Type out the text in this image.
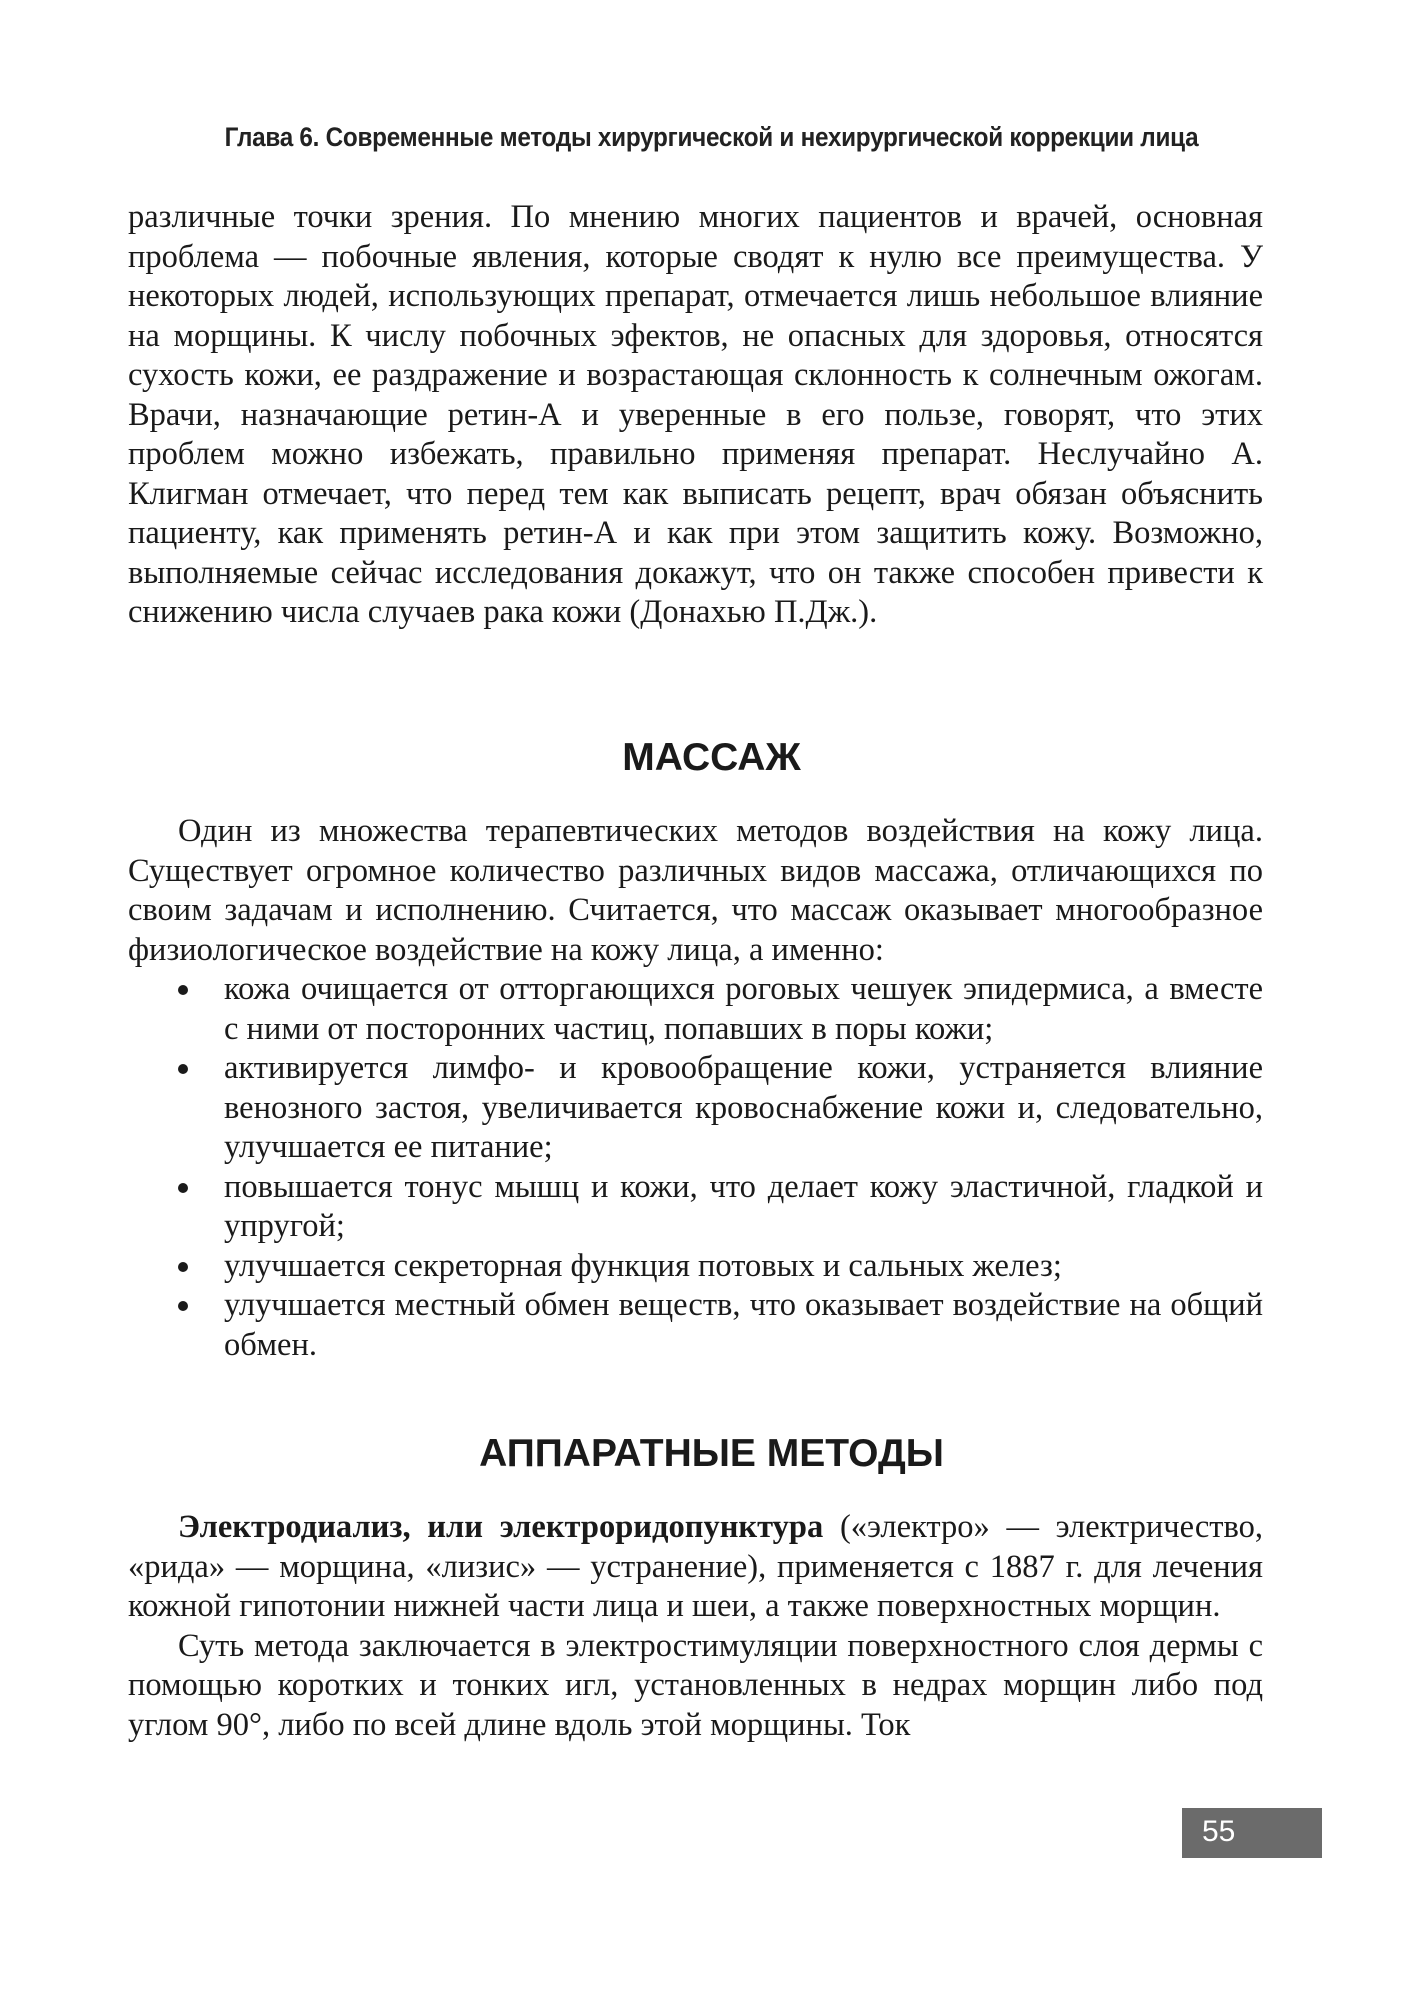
Глава 6. Современные методы хирургической и нехирургической коррекции лица

различные точки зрения. По мнению многих пациентов и врачей, основная проблема — побочные явления, которые сводят к нулю все преимущества. У некоторых людей, использующих препарат, отмечается лишь небольшое влияние на морщины. К числу побочных эфектов, не опасных для здоровья, относятся сухость кожи, ее раздражение и возрастающая склонность к солнечным ожогам. Врачи, назначающие ретин-А и уверенные в его пользе, говорят, что этих проблем можно избежать, правильно применяя препарат. Неслучайно А. Клигман отмечает, что перед тем как выписать рецепт, врач обязан объяснить пациенту, как применять ретин-А и как при этом защитить кожу. Возможно, выполняемые сейчас исследования докажут, что он также способен привести к снижению числа случаев рака кожи (Донахью П.Дж.).

МАССАЖ

Один из множества терапевтических методов воздействия на кожу лица. Существует огромное количество различных видов массажа, отличающихся по своим задачам и исполнению. Считается, что массаж оказывает многообразное физиологическое воздействие на кожу лица, а именно:

кожа очищается от отторгающихся роговых чешуек эпидермиса, а вместе с ними от посторонних частиц, попавших в поры кожи;
активируется лимфо- и кровообращение кожи, устраняется влияние венозного застоя, увеличивается кровоснабжение кожи и, следовательно, улучшается ее питание;
повышается тонус мышц и кожи, что делает кожу эластичной, гладкой и упругой;
улучшается секреторная функция потовых и сальных желез;
улучшается местный обмен веществ, что оказывает воздействие на общий обмен.
АППАРАТНЫЕ МЕТОДЫ

Электродиализ, или электроридопунктура («электро» — электричество, «рида» — морщина, «лизис» — устранение), применяется с 1887 г. для лечения кожной гипотонии нижней части лица и шеи, а также поверхностных морщин.

Суть метода заключается в электростимуляции поверхностного слоя дермы с помощью коротких и тонких игл, установленных в недрах морщин либо под углом 90°, либо по всей длине вдоль этой морщины. Ток

55
